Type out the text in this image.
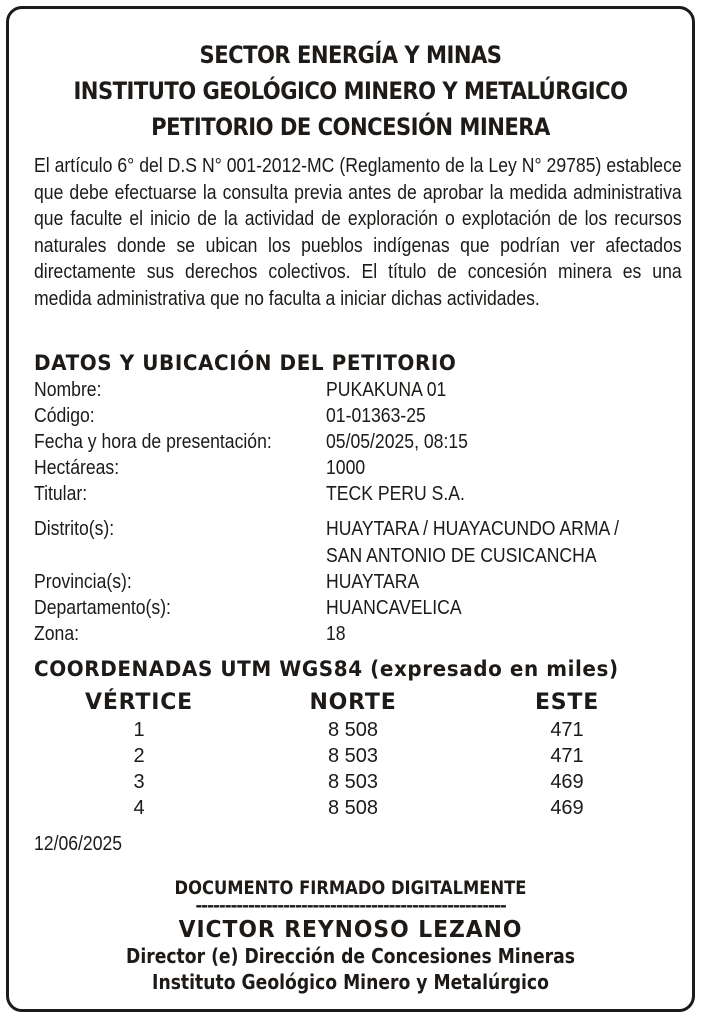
SECTOR ENERGÍA Y MINAS
INSTITUTO GEOLÓGICO MINERO Y METALÚRGICO
PETITORIO DE CONCESIÓN MINERA

El artículo 6° del D.S N° 001-2012-MC (Reglamento de la Ley N° 29785) establece que debe efectuarse la consulta previa antes de aprobar la medida administrativa que faculte el inicio de la actividad de exploración o explotación de los recursos naturales donde se ubican los pueblos indígenas que podrían ver afectados directamente sus derechos colectivos. El título de concesión minera es una medida administrativa que no faculta a iniciar dichas actividades.

DATOS Y UBICACIÓN DEL PETITORIO
Nombre:	PUKAKUNA 01
Código:	01-01363-25
Fecha y hora de presentación:	05/05/2025, 08:15
Hectáreas:	1000
Titular:	TECK PERU S.A.
Distrito(s):	HUAYTARA / HUAYACUNDO ARMA /
SAN ANTONIO DE CUSICANCHA
Provincia(s):	HUAYTARA
Departamento(s):	HUANCAVELICA
Zona:	18
COORDENADAS UTM WGS84 (expresado en miles)
VÉRTICE	NORTE	ESTE
1	8 508	471
2	8 503	471
3	8 503	469
4	8 508	469
12/06/2025
DOCUMENTO FIRMADO DIGITALMENTE
-----------------------------------------------------
VICTOR REYNOSO LEZANO
Director (e) Dirección de Concesiones Mineras
Instituto Geológico Minero y Metalúrgico
